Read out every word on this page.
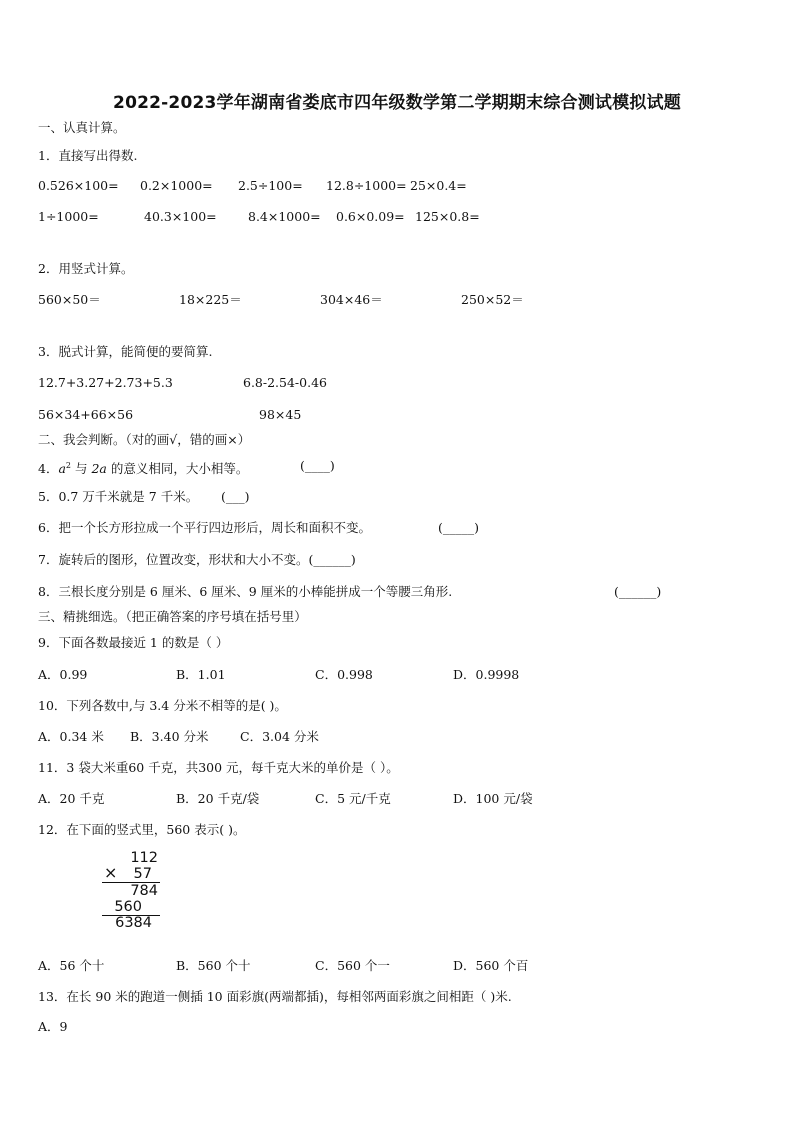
2022-2023学年湖南省娄底市四年级数学第二学期期末综合测试模拟试题
一、认真计算。
1．直接写出得数.
0.526×100= 0.2×1000= 2.5÷100= 12.8÷1000= 25×0.4=
1÷1000=	40.3×100=	8.4×1000= 0.6×0.09= 125×0.8=
2．用竖式计算。
560×50＝	18×225＝	304×46＝	250×52＝
3．脱式计算，能简便的要简算.
12.7+3.27+2.73+5.3	6.8-2.54-0.46
56×34+66×56	98×45
二、我会判断。（对的画√，错的画×）
4．$a^2$ 与 2a 的意义相同，大小相等。	(____)
5．0.7 万千米就是 7 千米。 (___)
6．把一个长方形拉成一个平行四边形后，周长和面积不变。	(_____)
7．旋转后的图形，位置改变，形状和大小不变。(______)
8．三根长度分别是 6 厘米、6 厘米、9 厘米的小棒能拼成一个等腰三角形.	(______)
三、精挑细选。（把正确答案的序号填在括号里）
9．下面各数最接近 1 的数是（ ）
A．0.99	B．1.01	C．0.998	D．0.9998
10．下列各数中,与 3.4 分米不相等的是( )。
A．0.34 米 B．3.40 分米	C．3.04 分米
11．3 袋大米重60 千克，共300 元，每千克大米的单价是（ ）。
A．20 千克	B．20 千克/袋	C．5 元/千克	D．100 元/袋
12．在下面的竖式里，560 表示( )。
112
× 57
784
560
6384
A．56 个十	B．560 个十	C．560 个一	D．560 个百
13．在长 90 米的跑道一侧插 10 面彩旗(两端都插)，每相邻两面彩旗之间相距（ )米.
A．9
